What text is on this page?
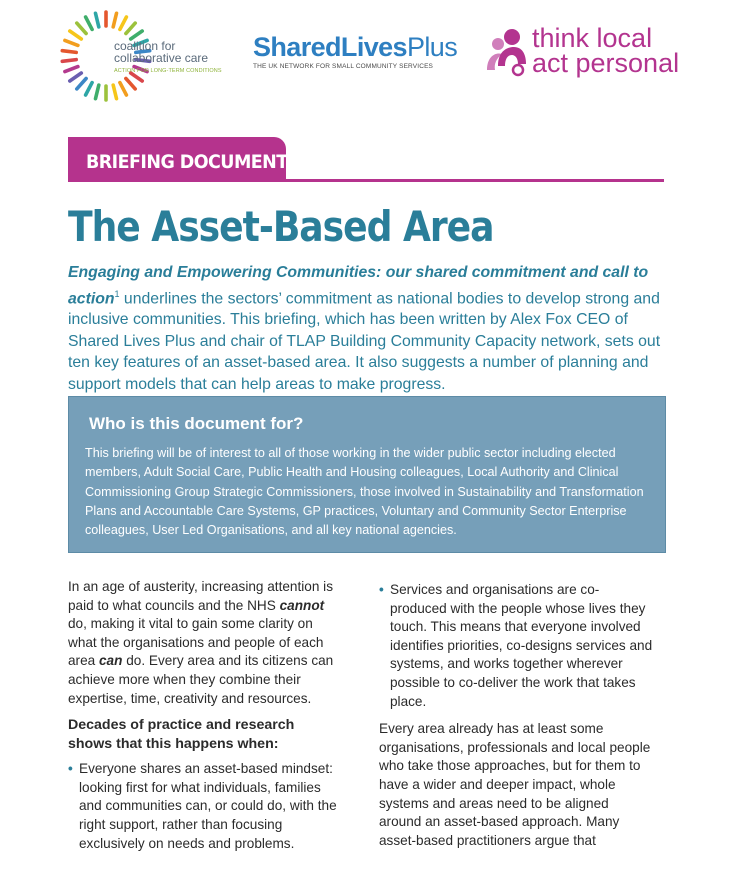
coalition for
collaborative care
ACTION FOR LONG-TERM CONDITIONS
SharedLivesPlus
THE UK NETWORK FOR SMALL COMMUNITY SERVICES
think local
act personal
BRIEFING DOCUMENT
The Asset-Based Area
Engaging and Empowering Communities: our shared commitment and call to action$^1$ underlines the sectors’ commitment as national bodies to develop strong and inclusive communities. This briefing, which has been written by Alex Fox CEO of Shared Lives Plus and chair of TLAP Building Community Capacity network, sets out ten key features of an asset-based area. It also suggests a number of planning and support models that can help areas to make progress.
Who is this document for?
This briefing will be of interest to all of those working in the wider public sector including elected members, Adult Social Care, Public Health and Housing colleagues, Local Authority and Clinical Commissioning Group Strategic Commissioners, those involved in Sustainability and Transformation Plans and Accountable Care Systems, GP practices, Voluntary and Community Sector Enterprise colleagues, User Led Organisations, and all key national agencies.

In an age of austerity, increasing attention is paid to what councils and the NHS cannot do, making it vital to gain some clarity on what the organisations and people of each area can do. Every area and its citizens can achieve more when they combine their expertise, time, creativity and resources.

Decades of practice and research shows that this happens when:

• Everyone shares an asset-based mindset: looking first for what individuals, families and communities can, or could do, with the right support, rather than focusing exclusively on needs and problems.

• Services and organisations are co-produced with the people whose lives they touch. This means that everyone involved identifies priorities, co-designs services and systems, and works together wherever possible to co-deliver the work that takes place.

Every area already has at least some organisations, professionals and local people who take those approaches, but for them to have a wider and deeper impact, whole systems and areas need to be aligned around an asset-based approach. Many asset-based practitioners argue that
